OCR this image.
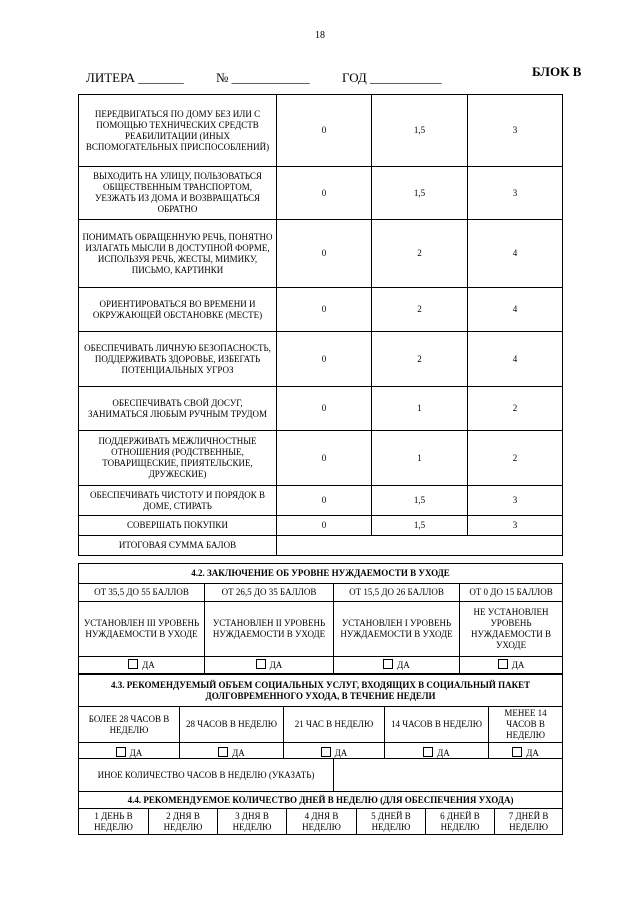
18
ЛИТЕРА _______ № ____________ ГОД ___________	БЛОК В
ПЕРЕДВИГАТЬСЯ ПО ДОМУ БЕЗ ИЛИ С ПОМОЩЬЮ ТЕХНИЧЕСКИХ СРЕДСТВ РЕАБИЛИТАЦИИ (ИНЫХ ВСПОМОГАТЕЛЬНЫХ ПРИСПОСОБЛЕНИЙ)	0	1,5	3
ВЫХОДИТЬ НА УЛИЦУ, ПОЛЬЗОВАТЬСЯ ОБЩЕСТВЕННЫМ ТРАНСПОРТОМ, УЕЗЖАТЬ ИЗ ДОМА И ВОЗВРАЩАТЬСЯ ОБРАТНО	0	1,5	3
ПОНИМАТЬ ОБРАЩЕННУЮ РЕЧЬ, ПОНЯТНО ИЗЛАГАТЬ МЫСЛИ В ДОСТУПНОЙ ФОРМЕ, ИСПОЛЬЗУЯ РЕЧЬ, ЖЕСТЫ, МИМИКУ, ПИСЬМО, КАРТИНКИ	0	2	4
ОРИЕНТИРОВАТЬСЯ ВО ВРЕМЕНИ И ОКРУЖАЮЩЕЙ ОБСТАНОВКЕ (МЕСТЕ)	0	2	4
ОБЕСПЕЧИВАТЬ ЛИЧНУЮ БЕЗОПАСНОСТЬ, ПОДДЕРЖИВАТЬ ЗДОРОВЬЕ, ИЗБЕГАТЬ ПОТЕНЦИАЛЬНЫХ УГРОЗ	0	2	4
ОБЕСПЕЧИВАТЬ СВОЙ ДОСУГ, ЗАНИМАТЬСЯ ЛЮБЫМ РУЧНЫМ ТРУДОМ	0	1	2
ПОДДЕРЖИВАТЬ МЕЖЛИЧНОСТНЫЕ ОТНОШЕНИЯ (РОДСТВЕННЫЕ, ТОВАРИЩЕСКИЕ, ПРИЯТЕЛЬСКИЕ, ДРУЖЕСКИЕ)	0	1	2
ОБЕСПЕЧИВАТЬ ЧИСТОТУ И ПОРЯДОК В ДОМЕ, СТИРАТЬ	0	1,5	3
СОВЕРШАТЬ ПОКУПКИ	0	1,5	3
ИТОГОВАЯ СУММА БАЛОВ			
4.2. ЗАКЛЮЧЕНИЕ ОБ УРОВНЕ НУЖДАЕМОСТИ В УХОДЕ			
ОТ 35,5 ДО 55 БАЛЛОВ	ОТ 26,5 ДО 35 БАЛЛОВ	ОТ 15,5 ДО 26 БАЛЛОВ	ОТ 0 ДО 15 БАЛЛОВ
УСТАНОВЛЕН III УРОВЕНЬ НУЖДАЕМОСТИ В УХОДЕ	УСТАНОВЛЕН II УРОВЕНЬ НУЖДАЕМОСТИ В УХОДЕ	УСТАНОВЛЕН I УРОВЕНЬ НУЖДАЕМОСТИ В УХОДЕ	НЕ УСТАНОВЛЕН УРОВЕНЬ НУЖДАЕМОСТИ В УХОДЕ
ДА	ДА	ДА	ДА
4.3. РЕКОМЕНДУЕМЫЙ ОБЪЕМ СОЦИАЛЬНЫХ УСЛУГ, ВХОДЯЩИХ В СОЦИАЛЬНЫЙ ПАКЕТ ДОЛГОВРЕМЕННОГО УХОДА, В ТЕЧЕНИЕ НЕДЕЛИ				
БОЛЕЕ 28 ЧАСОВ В НЕДЕЛЮ	28 ЧАСОВ В НЕДЕЛЮ	21 ЧАС В НЕДЕЛЮ	14 ЧАСОВ В НЕДЕЛЮ	МЕНЕЕ 14 ЧАСОВ В НЕДЕЛЮ
ДА	ДА	ДА	ДА	ДА
4.4. РЕКОМЕНДУЕМОЕ КОЛИЧЕСТВО ДНЕЙ В НЕДЕЛЮ (ДЛЯ ОБЕСПЕЧЕНИЯ УХОДА)
1 ДЕНЬ В НЕДЕЛЮ	2 ДНЯ В НЕДЕЛЮ	3 ДНЯ В НЕДЕЛЮ	4 ДНЯ В НЕДЕЛЮ	5 ДНЕЙ В НЕДЕЛЮ	6 ДНЕЙ В НЕДЕЛЮ	7 ДНЕЙ В НЕДЕЛЮ
ИНОЕ КОЛИЧЕСТВО ЧАСОВ В НЕДЕЛЮ (УКАЗАТЬ)	
